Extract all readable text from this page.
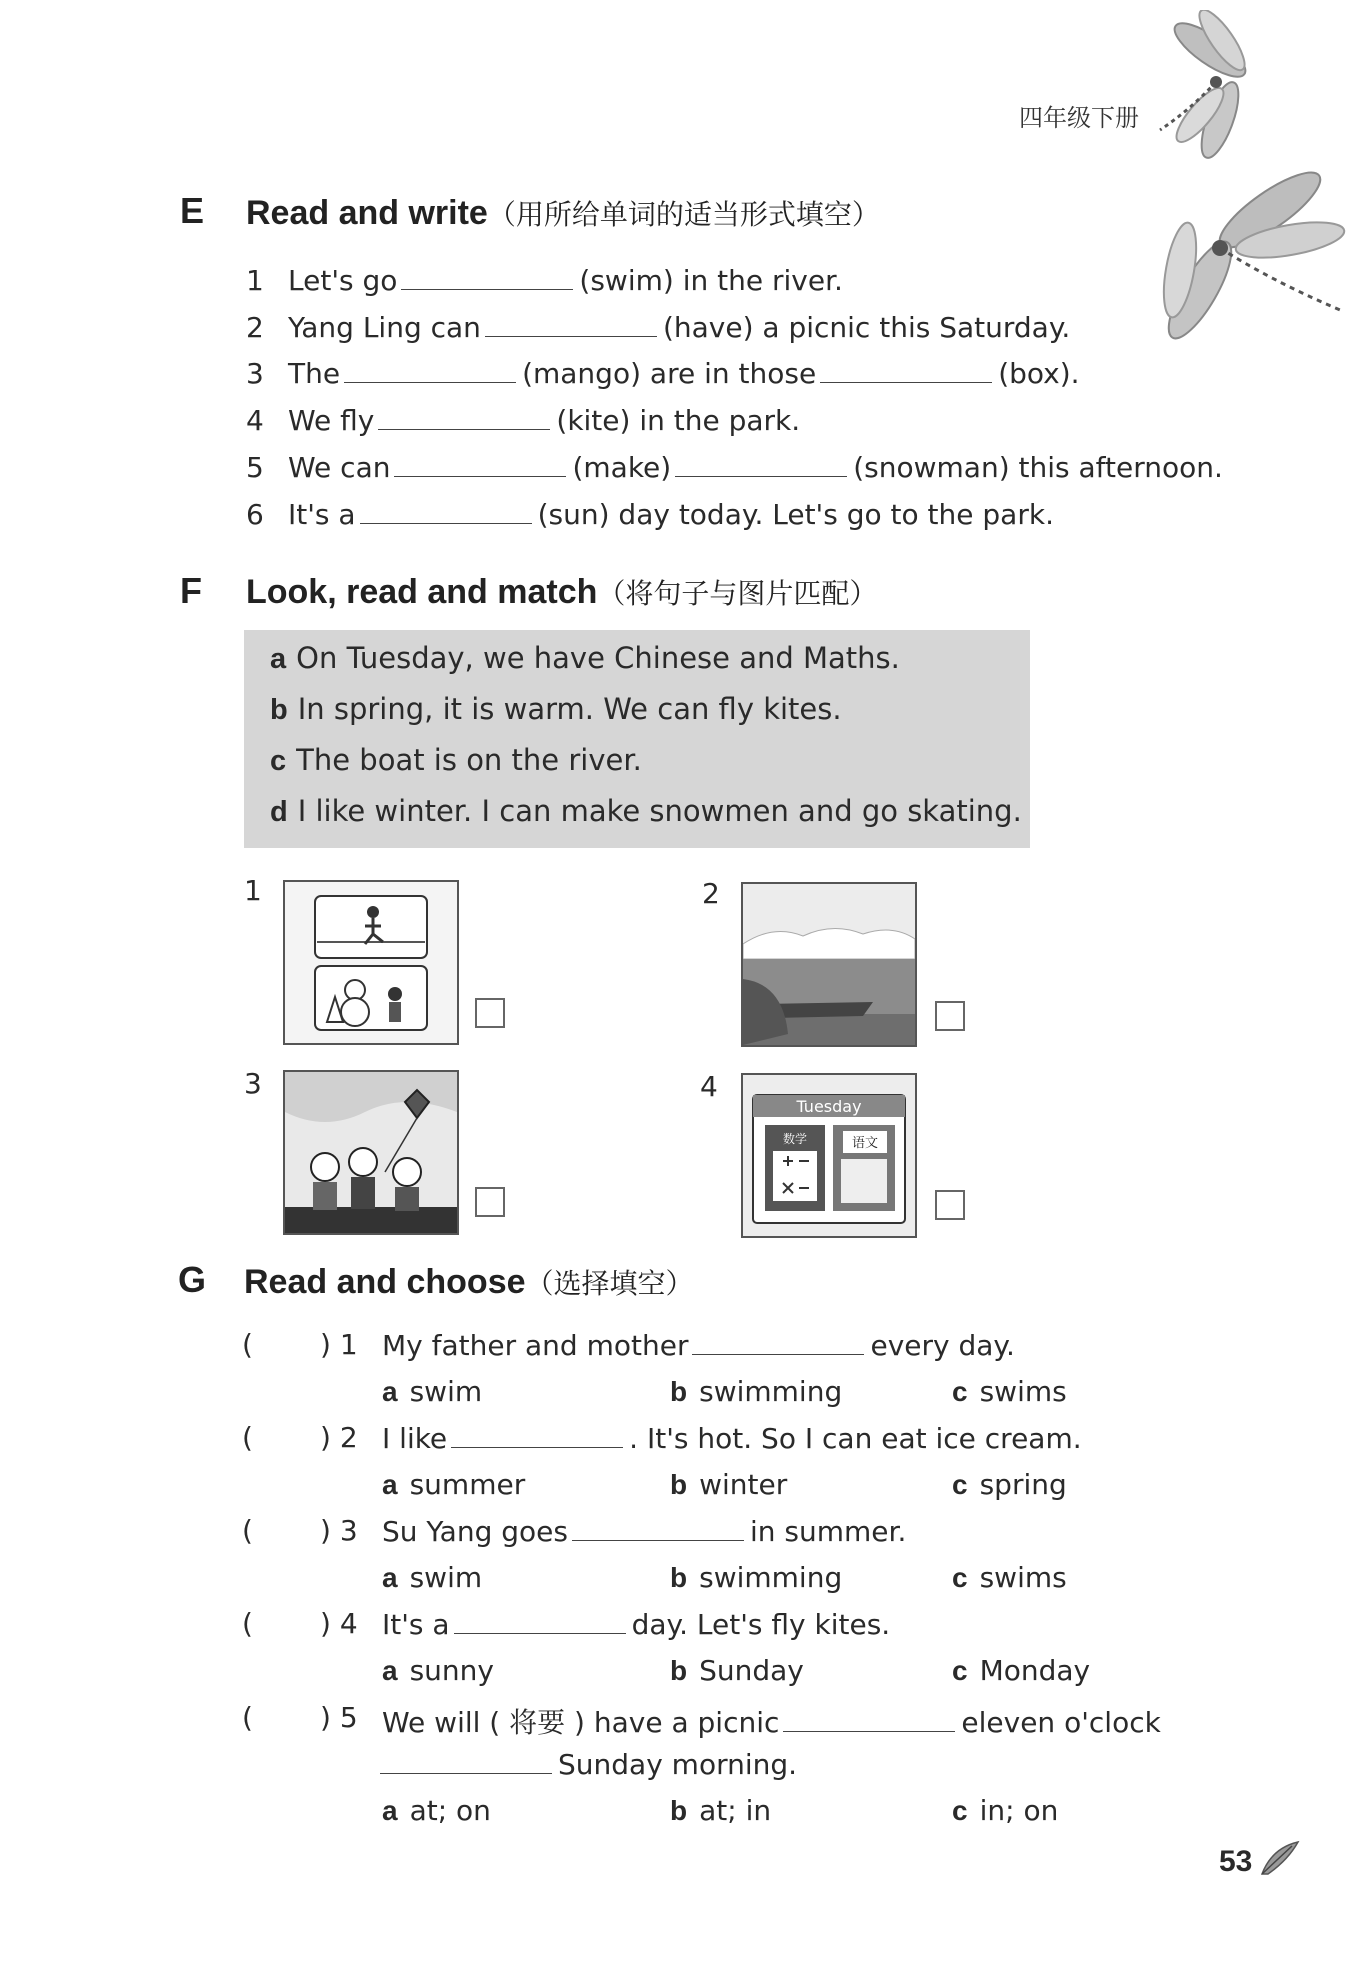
四年级下册
E Read and write（用所给单词的适当形式填空）
1 Let's go	(swim) in the river.
2 Yang Ling can	(have) a picnic this Saturday.
3 The	(mango) are in those	(box).
4 We fly	(kite) in the park.
5 We can	(make)	(snowman) this afternoon.
6 It's a	(sun) day today. Let's go to the park.
F Look, read and match（将句子与图片匹配）
a On Tuesday, we have Chinese and Maths.
b In spring, it is warm. We can fly kites.
c The boat is on the river.
d I like winter. I can make snowmen and go skating.
1	2
3	4
Tuesday
数学	语文
G Read and choose（选择填空）
( ) 1 My father and mother	every day.
a swim	b swimming	c swims
( ) 2 I like	. It's hot. So I can eat ice cream.
a summer	b winter	c spring
( ) 3 Su Yang goes	in summer.
a swim	b swimming	c swims
( ) 4 It's a	day. Let's fly kites.
a sunny	b Sunday	c Monday
( ) 5 We will ( 将要 ) have a picnic	eleven o'clock
Sunday morning.
a at; on	b at; in	c in; on
53
